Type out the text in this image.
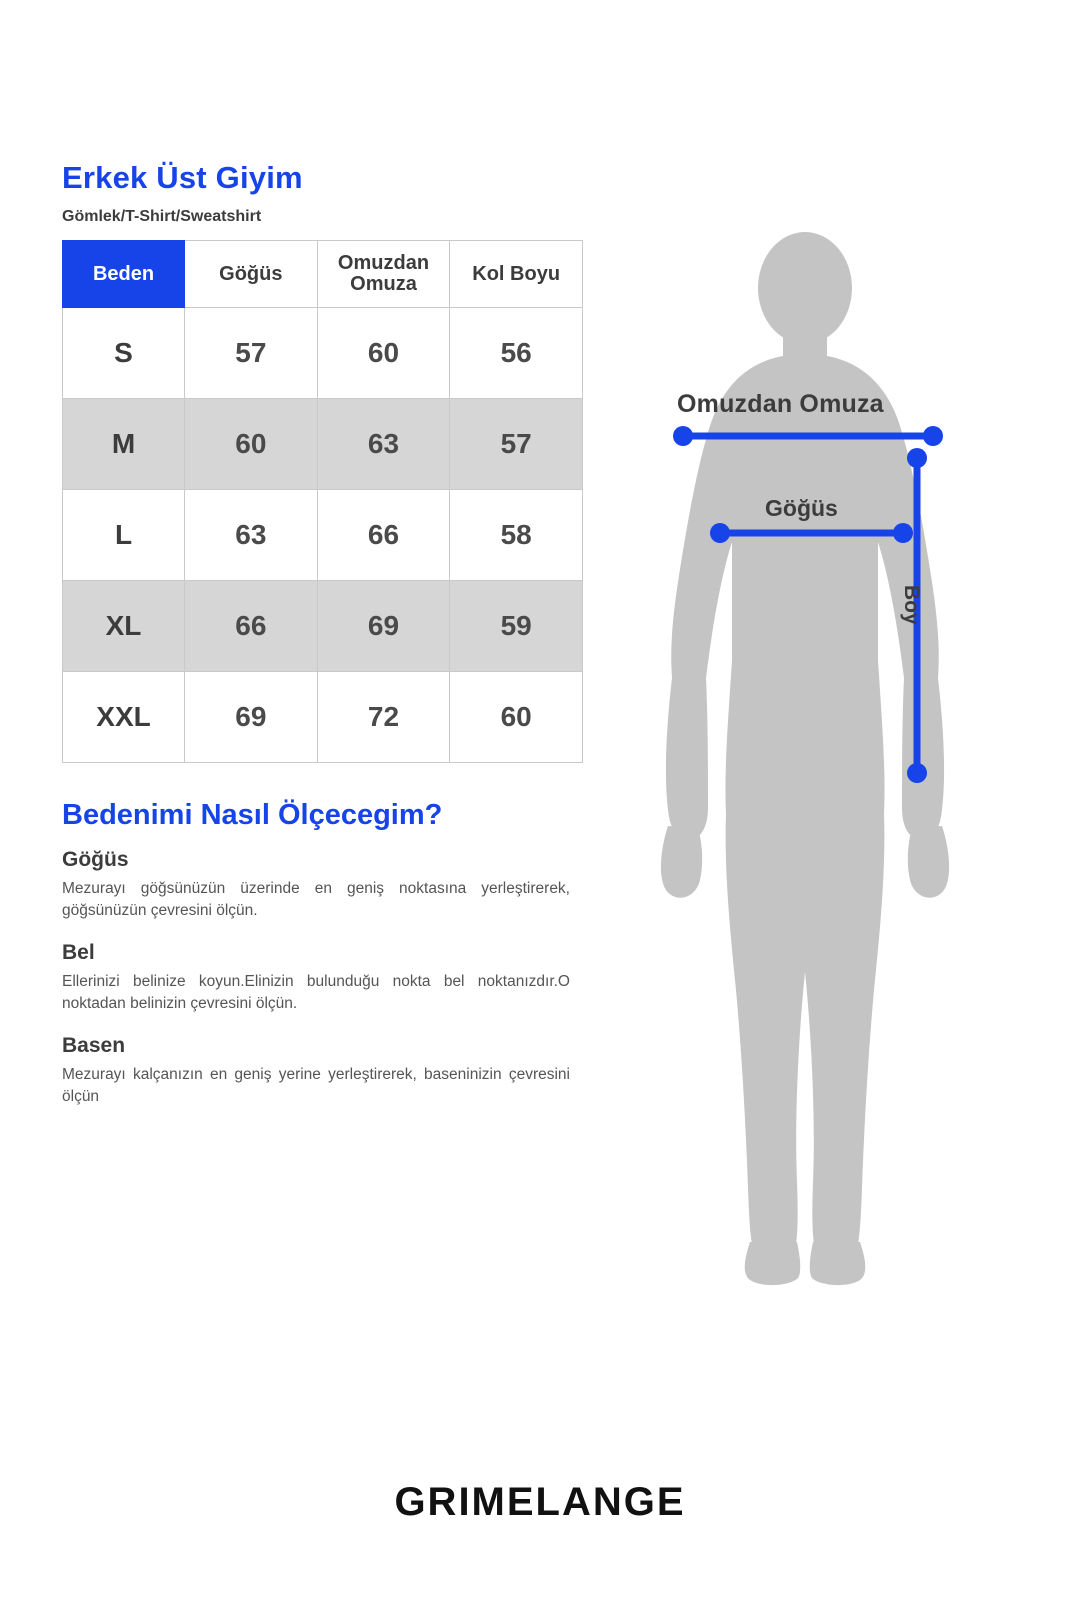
Erkek Üst Giyim
Gömlek/T-Shirt/Sweatshirt
Beden	Göğüs	Omuzdan Omuza	Kol Boyu
S	57	60	56
M	60	63	57
L	63	66	58
XL	66	69	59
XXL	69	72	60
Bedenimi Nasıl Ölçecegim?
Göğüs

Mezurayı göğsünüzün üzerinde en geniş noktasına yerleştirerek, göğsünüzün çevresini ölçün.

Bel

Ellerinizi belinize koyun.Elinizin bulunduğu nokta bel noktanızdır.O noktadan belinizin çevresini ölçün.

Basen

Mezurayı kalçanızın en geniş yerine yerleştirerek, baseninizin çevresini ölçün

Omuzdan Omuza
Göğüs
Boy
GRIMELANGE
